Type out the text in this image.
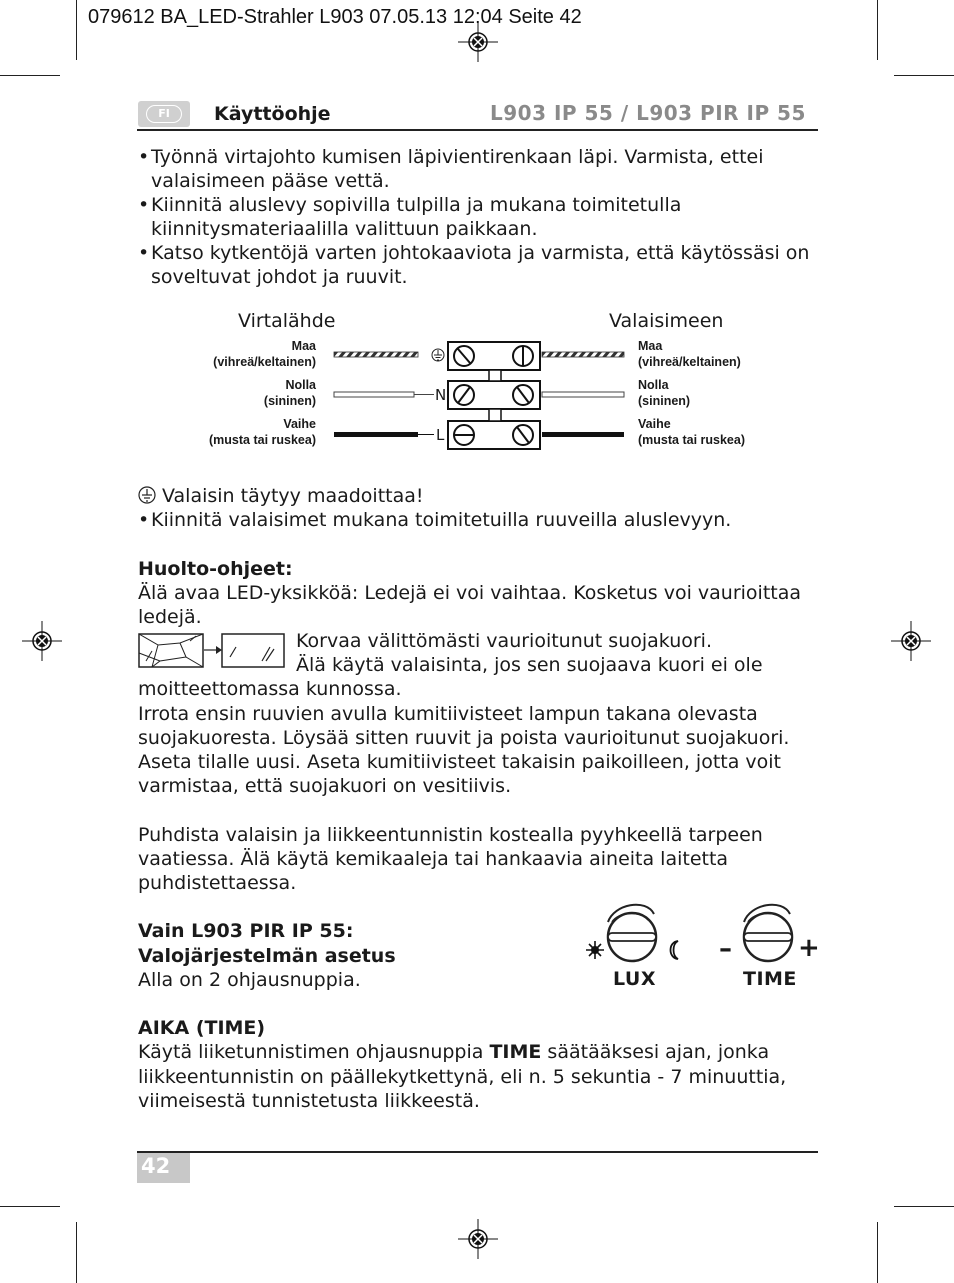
079612 BA_LED-Strahler L903 07.05.13 12:04 Seite 42
FI	Käyttöohje	L903 IP 55 / L903 PIR IP 55
• Työnnä virtajohto kumisen läpivientirenkaan läpi. Varmista, ettei
valaisimeen pääse vettä.
• Kiinnitä aluslevy sopivilla tulpilla ja mukana toimitetulla
kiinnitysmateriaalilla valittuun paikkaan.
• Katso kytkentöjä varten johtokaaviota ja varmista, että käytössäsi on
soveltuvat johdot ja ruuvit.
Virtalähde	Valaisimeen
Maa
(vihreä/keltainen)
Nolla
(sininen)
Vaihe
(musta tai ruskea)
Maa
(vihreä/keltainen)
Nolla
(sininen)
Vaihe
(musta tai ruskea)
N
L
Valaisin täytyy maadoittaa!
• Kiinnitä valaisimet mukana toimitetuilla ruuveilla aluslevyyn.
Huolto-ohjeet:
Älä avaa LED-yksikköä: Ledejä ei voi vaihtaa. Kosketus voi vaurioittaa
ledejä.
Korvaa välittömästi vaurioitunut suojakuori.
Älä käytä valaisinta, jos sen suojaava kuori ei ole
moitteettomassa kunnossa.
Irrota ensin ruuvien avulla kumitiivisteet lampun takana olevasta
suojakuoresta. Löysää sitten ruuvit ja poista vaurioitunut suojakuori.
Aseta tilalle uusi. Aseta kumitiivisteet takaisin paikoilleen, jotta voit
varmistaa, että suojakuori on vesitiivis.
Puhdista valaisin ja liikkeentunnistin kostealla pyyhkeellä tarpeen
vaatiessa. Älä käytä kemikaaleja tai hankaavia aineita laitetta
puhdistettaessa.
Vain L903 PIR IP 55:
Valojärjestelmän asetus
Alla on 2 ohjausnuppia.	LUX
–	+
TIME
AIKA (TIME)
Käytä liiketunnistimen ohjausnuppia TIME säätääksesi ajan, jonka
liikkeentunnistin on päällekytkettynä, eli n. 5 sekuntia - 7 minuuttia,
viimeisestä tunnistetusta liikkeestä.
42
